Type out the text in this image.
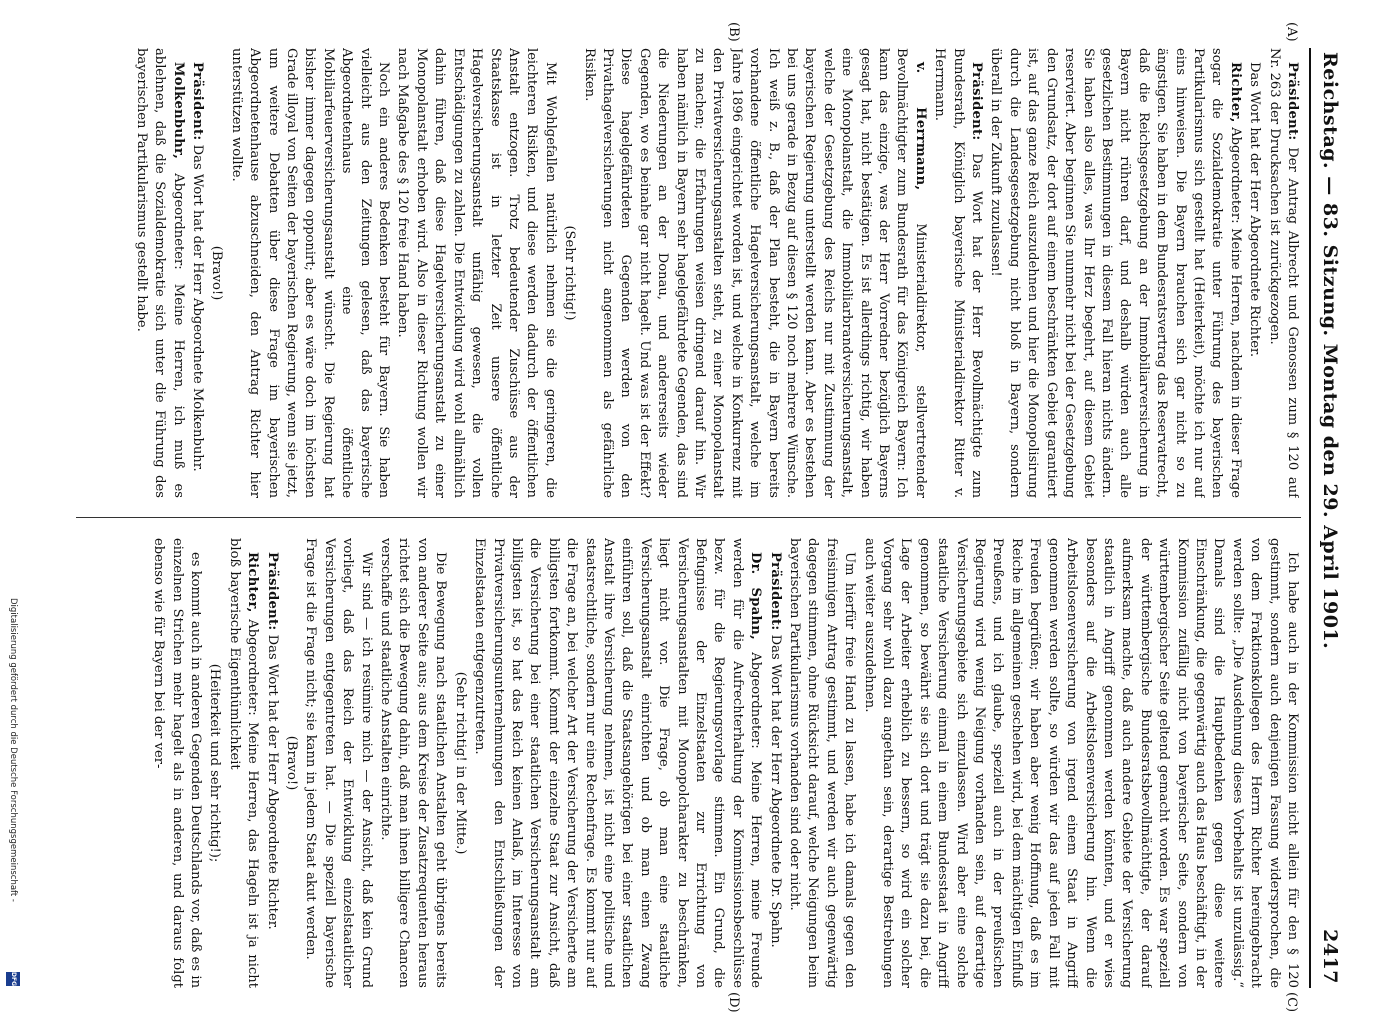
Reichstag. — 83. Sitzung. Montag den 29. April 1901.
2417
(A)
(B)
(C)
(D)

Präsident: Der Antrag Albrecht und Genossen zum § 120 auf Nr. 263 der Drucksachen ist zurückgezogen.

Das Wort hat der Herr Abgeordnete Richter.

Richter, Abgeordneter: Meine Herren, nachdem in dieser Frage sogar die Sozialdemokratie unter Führung des bayerischen Partikularismus sich gestellt hat (Heiterkeit), möchte ich nur auf eins hinweisen. Die Bayern brauchen sich gar nicht so zu ängstigen. Sie haben in dem Bundesratsvertrag das Reservatrecht, daß die Reichsgesetzgebung an der Immobiliarversicherung in Bayern nicht rühren darf, und deshalb würden auch alle gesetzlichen Bestimmungen in diesem Fall hieran nichts ändern. Sie haben also alles, was Ihr Herz begehrt, auf diesem Gebiet reserviert. Aber beginnen Sie nunmehr nicht bei der Gesetzgebung den Grundsatz, der dort auf einem beschränkten Gebiet garantiert ist, auf das ganze Reich auszudehnen und hier die Monopolisirung durch die Landesgesetzgebung nicht bloß in Bayern, sondern überall in der Zukunft zuzulassen!

Präsident: Das Wort hat der Herr Bevollmächtigte zum Bundesrath, Königlich bayerische Ministerialdirektor Ritter v. Herrmann.

v. Herrmann, Ministerialdirektor, stellvertretender Bevollmächtigter zum Bundesrath für das Königreich Bayern: Ich kann das einzige, was der Herr Vorredner bezüglich Bayerns gesagt hat, nicht bestätigen. Es ist allerdings richtig, wir haben eine Monopolanstalt, die Immobiliarbrandversicherungsanstalt, welche der Gesetzgebung des Reichs nur mit Zustimmung der bayerischen Regierung unterstellt werden kann. Aber es bestehen bei uns gerade in Bezug auf diesen § 120 noch mehrere Wünsche. Ich weiß z. B., daß der Plan besteht, die in Bayern bereits vorhandene öffentliche Hagelversicherungsanstalt, welche im Jahre 1896 eingerichtet worden ist, und welche in Konkurrenz mit den Privatversicherungsanstalten steht, zu einer Monopolanstalt zu machen; die Erfahrungen weisen dringend darauf hin. Wir haben nämlich in Bayern sehr hagelgefährdete Gegenden, das sind die Niederungen an der Donau, und andererseits wieder Gegenden, wo es beinahe gar nicht hagelt. Und was ist der Effekt? Diese hagelgefährdeten Gegenden werden von den Privathagelversicherungen nicht angenommen als gefährliche Risiken.

(Sehr richtig!)

Mit Wohlgefallen natürlich nehmen sie die geringeren, die leichteren Risiken, und diese werden dadurch der öffentlichen Anstalt entzogen. Trotz bedeutender Zuschüsse aus der Staatskasse ist in letzter Zeit unsere öffentliche Hagelversicherungsanstalt unfähig gewesen, die vollen Entschädigungen zu zahlen. Die Entwicklung wird wohl allmählich dahin führen, daß diese Hagelversicherungsanstalt zu einer Monopolanstalt erhoben wird. Also in dieser Richtung wollen wir nach Maßgabe des § 120 freie Hand haben.

Noch ein anderes Bedenken besteht für Bayern. Sie haben vielleicht aus den Zeitungen gelesen, daß das bayerische Abgeordnetenhaus eine öffentliche Mobiliarfeuerversicherungsanstalt wünscht. Die Regierung hat bisher immer dagegen opponirt; aber es wäre doch im höchsten Grade illoyal von Seiten der bayerischen Regierung, wenn sie jetzt, um weitere Debatten über diese Frage im bayerischen Abgeordnetenhause abzuschneiden, den Antrag Richter hier unterstützen wollte.

(Bravo!)

Präsident: Das Wort hat der Herr Abgeordnete Molkenbuhr.

Molkenbuhr, Abgeordneter: Meine Herren, ich muß es ablehnen, daß die Sozialdemokratie sich unter die Führung des bayerischen Partikularismus gestellt habe.

Ich habe auch in der Kommission nicht allein für den § 120 gestimmt, sondern auch denjenigen Fassung widersprochen, die von dem Fraktionskollegen des Herrn Richter hereingebracht werden sollte: „Die Ausdehnung dieses Vorbehalts ist unzulässig.“ Damals sind die Hauptbedenken gegen diese weitere Einschränkung, die gegenwärtig auch das Haus beschäftigt, in der Kommission zufällig nicht von bayerischer Seite, sondern von württembergischer Seite geltend gemacht worden. Es war speziell der württembergische Bundesratsbevollmächtigte, der darauf aufmerksam machte, daß auch andere Gebiete der Versicherung staatlich in Angriff genommen werden könnten, und er wies besonders auf die Arbeitslosenversicherung hin. Wenn die Arbeitslosenversicherung von irgend einem Staat in Angriff genommen werden sollte, so würden wir das auf jeden Fall mit Freuden begrüßen; wir haben aber wenig Hoffnung, daß es im Reiche im allgemeinen geschehen wird, bei dem mächtigen Einfluß Preußens, und ich glaube, speziell auch in der preußischen Regierung wird wenig Neigung vorhanden sein, auf derartige Versicherungsgebiete sich einzulassen. Wird aber eine solche staatliche Versicherung einmal in einem Bundesstaat in Angriff genommen, so bewährt sie sich dort und trägt sie dazu bei, die Lage der Arbeiter erheblich zu bessern, so wird ein solcher Vorgang sehr wohl dazu angethan sein, derartige Bestrebungen auch weiter auszudehnen.

Um hierfür freie Hand zu lassen, habe ich damals gegen den freisinnigen Antrag gestimmt, und werden wir auch gegenwärtig dagegen stimmen, ohne Rücksicht darauf, welche Neigungen beim bayerischen Partikularismus vorhanden sind oder nicht.

Präsident: Das Wort hat der Herr Abgeordnete Dr. Spahn.

Dr. Spahn, Abgeordneter: Meine Herren, meine Freunde werden für die Aufrechterhaltung der Kommissionsbeschlüsse bezw. für die Regierungsvorlage stimmen. Ein Grund, die Befugnisse der Einzelstaaten zur Errichtung von Versicherungsanstalten mit Monopolcharakter zu beschränken, liegt nicht vor. Die Frage, ob man eine staatliche Versicherungsanstalt einrichten und ob man einen Zwang einführen soll, daß die Staatsangehörigen bei einer staatlichen Anstalt ihre Versicherung nehmen, ist nicht eine politische und staatsrechtliche, sondern nur eine Rechenfrage. Es kommt nur auf die Frage an, bei welcher Art der Versicherung der Versicherte am billigsten fortkommt. Kommt der einzelne Staat zur Ansicht, daß die Versicherung bei einer staatlichen Versicherungsanstalt am billigsten ist, so hat das Reich keinen Anlaß, im Interesse von Privatversicherungsunternehmungen den Entschließungen der Einzelstaaten entgegenzutreten.

(Sehr richtig! in der Mitte.)

Die Bewegung nach staatlichen Anstalten geht übrigens bereits von anderer Seite aus; aus dem Kreise der Zusatzrequenten heraus richtet sich die Bewegung dahin, daß man ihnen billigere Chancen verschaffe und staatliche Anstalten einrichte.

Wir sind — ich resümire mich — der Ansicht, daß kein Grund vorliegt, daß das Reich der Entwicklung einzelstaatlicher Versicherungen entgegentreten hat. — Die speziell bayerische Frage ist die Frage nicht; sie kann in jedem Staat akut werden.

(Bravo!)

Präsident: Das Wort hat der Herr Abgeordnete Richter.

Richter, Abgeordneter: Meine Herren, das Hageln ist ja nicht bloß bayerische Eigenthümlichkeit

(Heiterkeit und sehr richtig!);

es kommt auch in anderen Gegenden Deutschlands vor, daß es in einzelnen Strichen mehr hagelt als in anderen, und daraus folgt ebenso wie für Bayern bei der ver-

Digitalisierung gefördert durch die Deutsche Forschungsgemeinschaft -
DFG
